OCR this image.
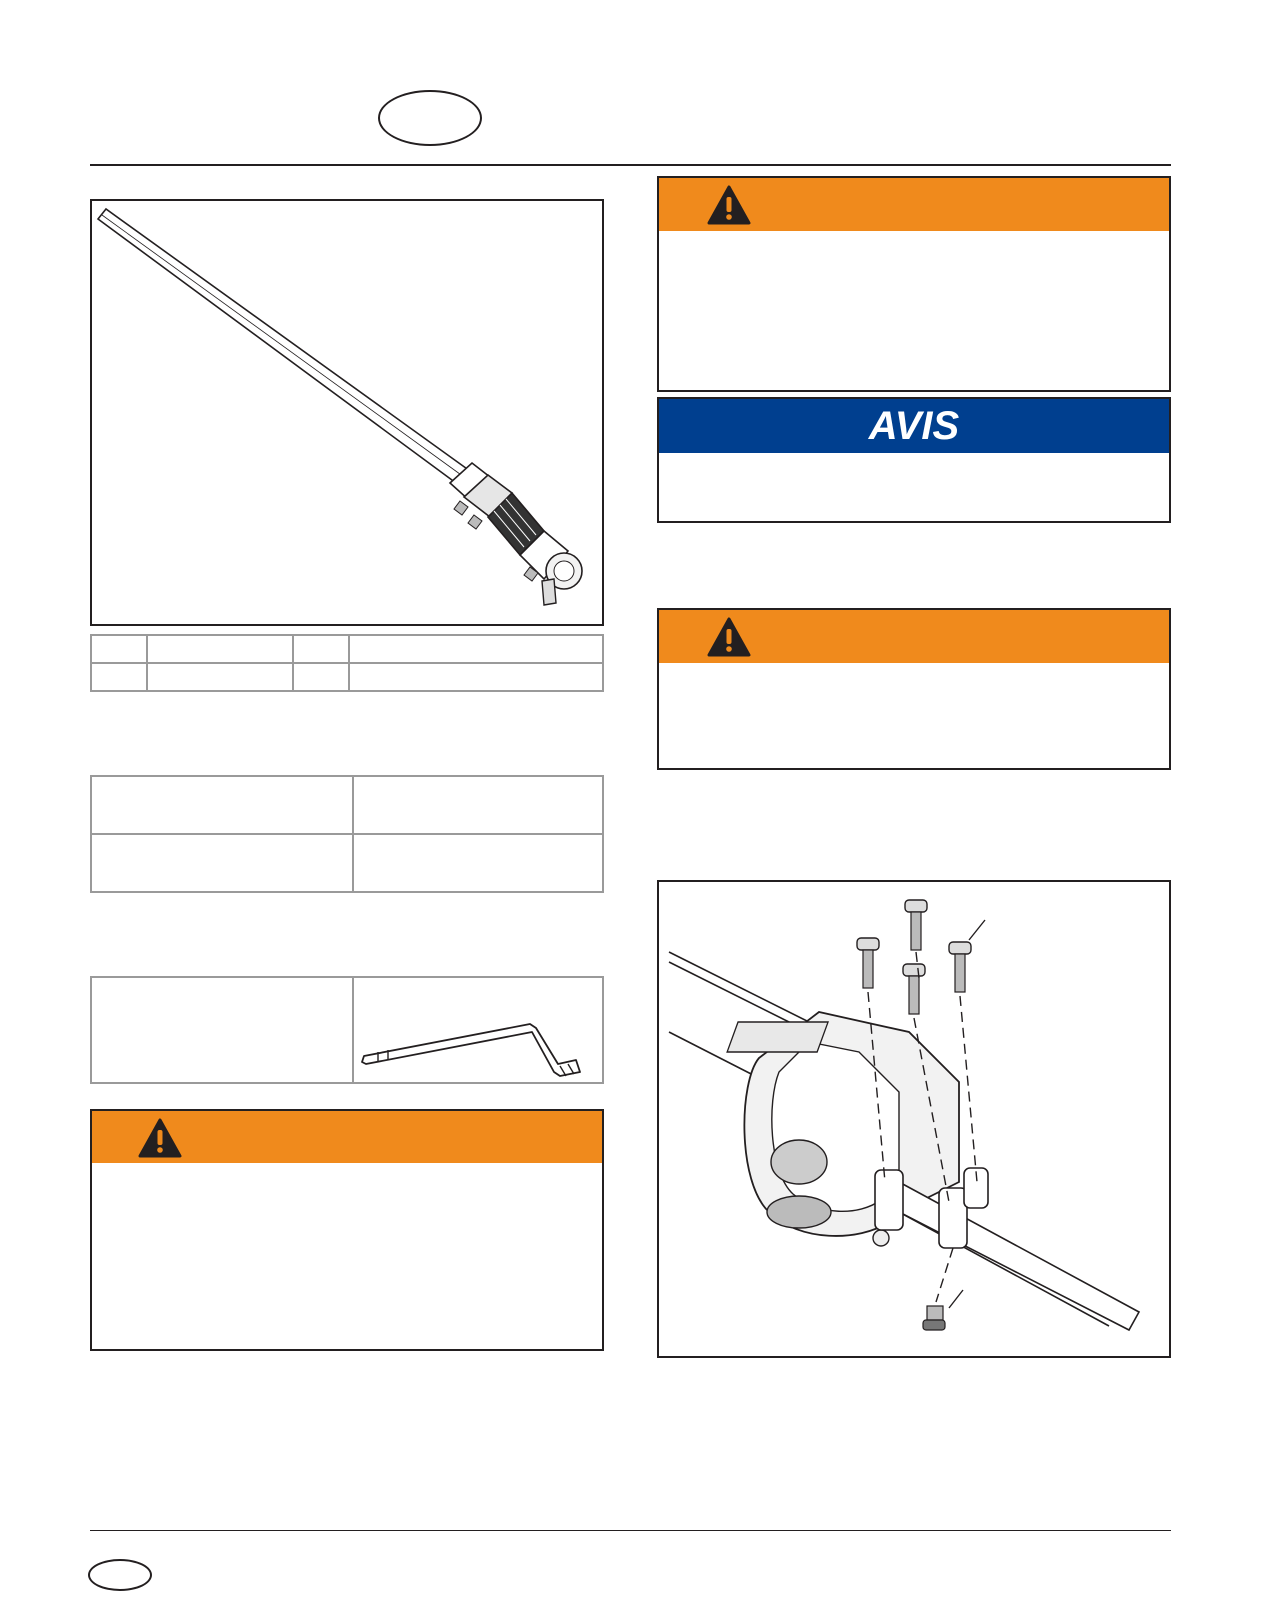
AVIS
